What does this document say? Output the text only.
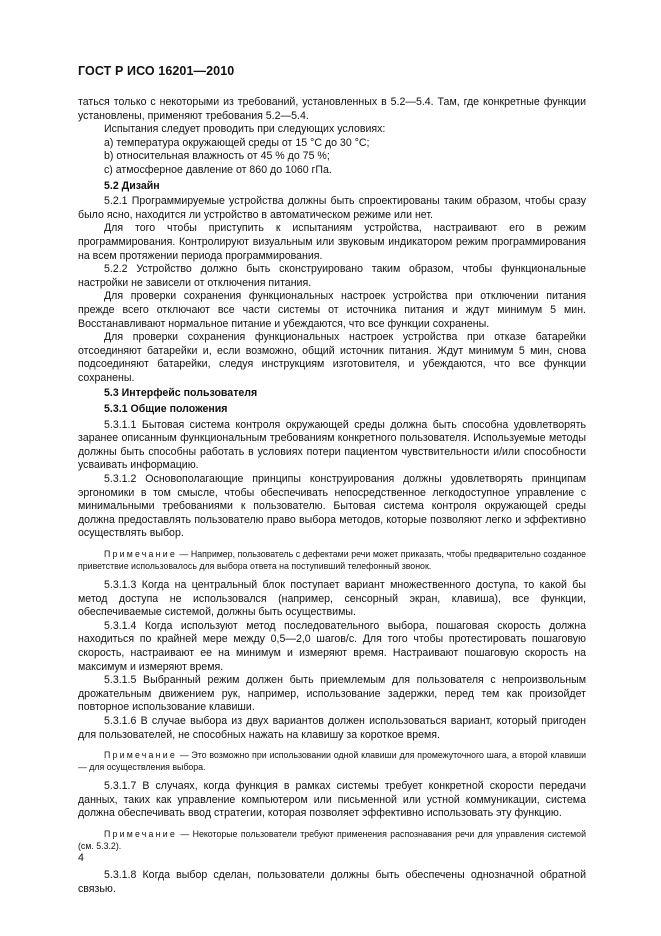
ГОСТ Р ИСО 16201—2010

таться только с некоторыми из требований, установленных в 5.2—5.4. Там, где конкретные функции установлены, применяют требования 5.2—5.4.

Испытания следует проводить при следующих условиях:

а) температура окружающей среды от 15 °С до 30 °С;

b) относительная влажность от 45 % до 75 %;

с) атмосферное давление от 860 до 1060 гПа.

5.2 Дизайн

5.2.1 Программируемые устройства должны быть спроектированы таким образом, чтобы сразу было ясно, находится ли устройство в автоматическом режиме или нет.

Для того чтобы приступить к испытаниям устройства, настраивают его в режим программирования. Контролируют визуальным или звуковым индикатором режим программирования на всем протяжении периода программирования.

5.2.2 Устройство должно быть сконструировано таким образом, чтобы функциональные настройки не зависели от отключения питания.

Для проверки сохранения функциональных настроек устройства при отключении питания прежде всего отключают все части системы от источника питания и ждут минимум 5 мин. Восстанавливают нормальное питание и убеждаются, что все функции сохранены.

Для проверки сохранения функциональных настроек устройства при отказе батарейки отсоединяют батарейки и, если возможно, общий источник питания. Ждут минимум 5 мин, снова подсоединяют батарейки, следуя инструкциям изготовителя, и убеждаются, что все функции сохранены.

5.3 Интерфейс пользователя
5.3.1 Общие положения

5.3.1.1 Бытовая система контроля окружающей среды должна быть способна удовлетворять заранее описанным функциональным требованиям конкретного пользователя. Используемые методы должны быть способны работать в условиях потери пациентом чувствительности и/или способности усваивать информацию.

5.3.1.2 Основополагающие принципы конструирования должны удовлетворять принципам эргономики в том смысле, чтобы обеспечивать непосредственное легкодоступное управление с минимальными требованиями к пользователю. Бытовая система контроля окружающей среды должна предоставлять пользователю право выбора методов, которые позволяют легко и эффективно осуществлять выбор.

Примечание — Например, пользователь с дефектами речи может приказать, чтобы предварительно созданное приветствие использовалось для выбора ответа на поступивший телефонный звонок.

5.3.1.3 Когда на центральный блок поступает вариант множественного доступа, то какой бы метод доступа не использовался (например, сенсорный экран, клавиша), все функции, обеспечиваемые системой, должны быть осуществимы.

5.3.1.4 Когда используют метод последовательного выбора, пошаговая скорость должна находиться по крайней мере между 0,5—2,0 шагов/с. Для того чтобы протестировать пошаговую скорость, настраивают ее на минимум и измеряют время. Настраивают пошаговую скорость на максимум и измеряют время.

5.3.1.5 Выбранный режим должен быть приемлемым для пользователя с непроизвольным дрожательным движением рук, например, использование задержки, перед тем как произойдет повторное использование клавиши.

5.3.1.6 В случае выбора из двух вариантов должен использоваться вариант, который пригоден для пользователей, не способных нажать на клавишу за короткое время.

Примечание — Это возможно при использовании одной клавиши для промежуточного шага, а второй клавиши — для осуществления выбора.

5.3.1.7 В случаях, когда функция в рамках системы требует конкретной скорости передачи данных, таких как управление компьютером или письменной или устной коммуникации, система должна обеспечивать ввод стратегии, которая позволяет эффективно использовать эту функцию.

Примечание — Некоторые пользователи требуют применения распознавания речи для управления системой (см. 5.3.2).

5.3.1.8 Когда выбор сделан, пользователи должны быть обеспечены однозначной обратной связью.

4
